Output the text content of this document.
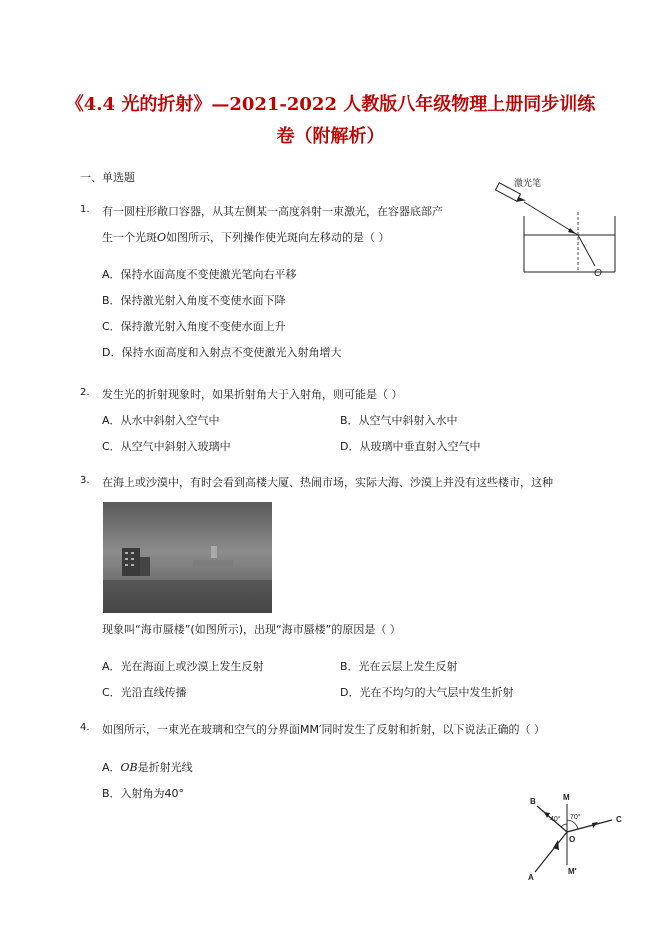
《4.4 光的折射》—2021-2022 人教版八年级物理上册同步训练
卷（附解析）
一、单选题
1. 有一圆柱形敞口容器，从其左侧某一高度斜射一束激光，在容器底部产
生一个光斑O如图所示，下列操作使光斑向左移动的是（ ）
A．保持水面高度不变使激光笔向右平移
B．保持激光射入角度不变使水面下降
C．保持激光射入角度不变使水面上升
D．保持水面高度和入射点不变使激光入射角增大
激光笔
O
2. 发生光的折射现象时，如果折射角大于入射角，则可能是（ ）
A．从水中斜射入空气中	B．从空气中斜射入水中
C．从空气中斜射入玻璃中	D．从玻璃中垂直射入空气中
3. 在海上或沙漠中，有时会看到高楼大厦、热闹市场，实际大海、沙漠上并没有这些楼市，这种
现象叫“海市蜃楼”(如图所示)，出现“海市蜃楼”的原因是（ ）
A．光在海面上或沙漠上发生反射	B．光在云层上发生反射
C．光沿直线传播	D．光在不均匀的大气层中发生折射
4. 如图所示，一束光在玻璃和空气的分界面MM′同时发生了反射和折射，以下说法正确的（ ）
A．OB是折射光线
B．入射角为40°
B	M
C
A
O
M′
40° 70°
